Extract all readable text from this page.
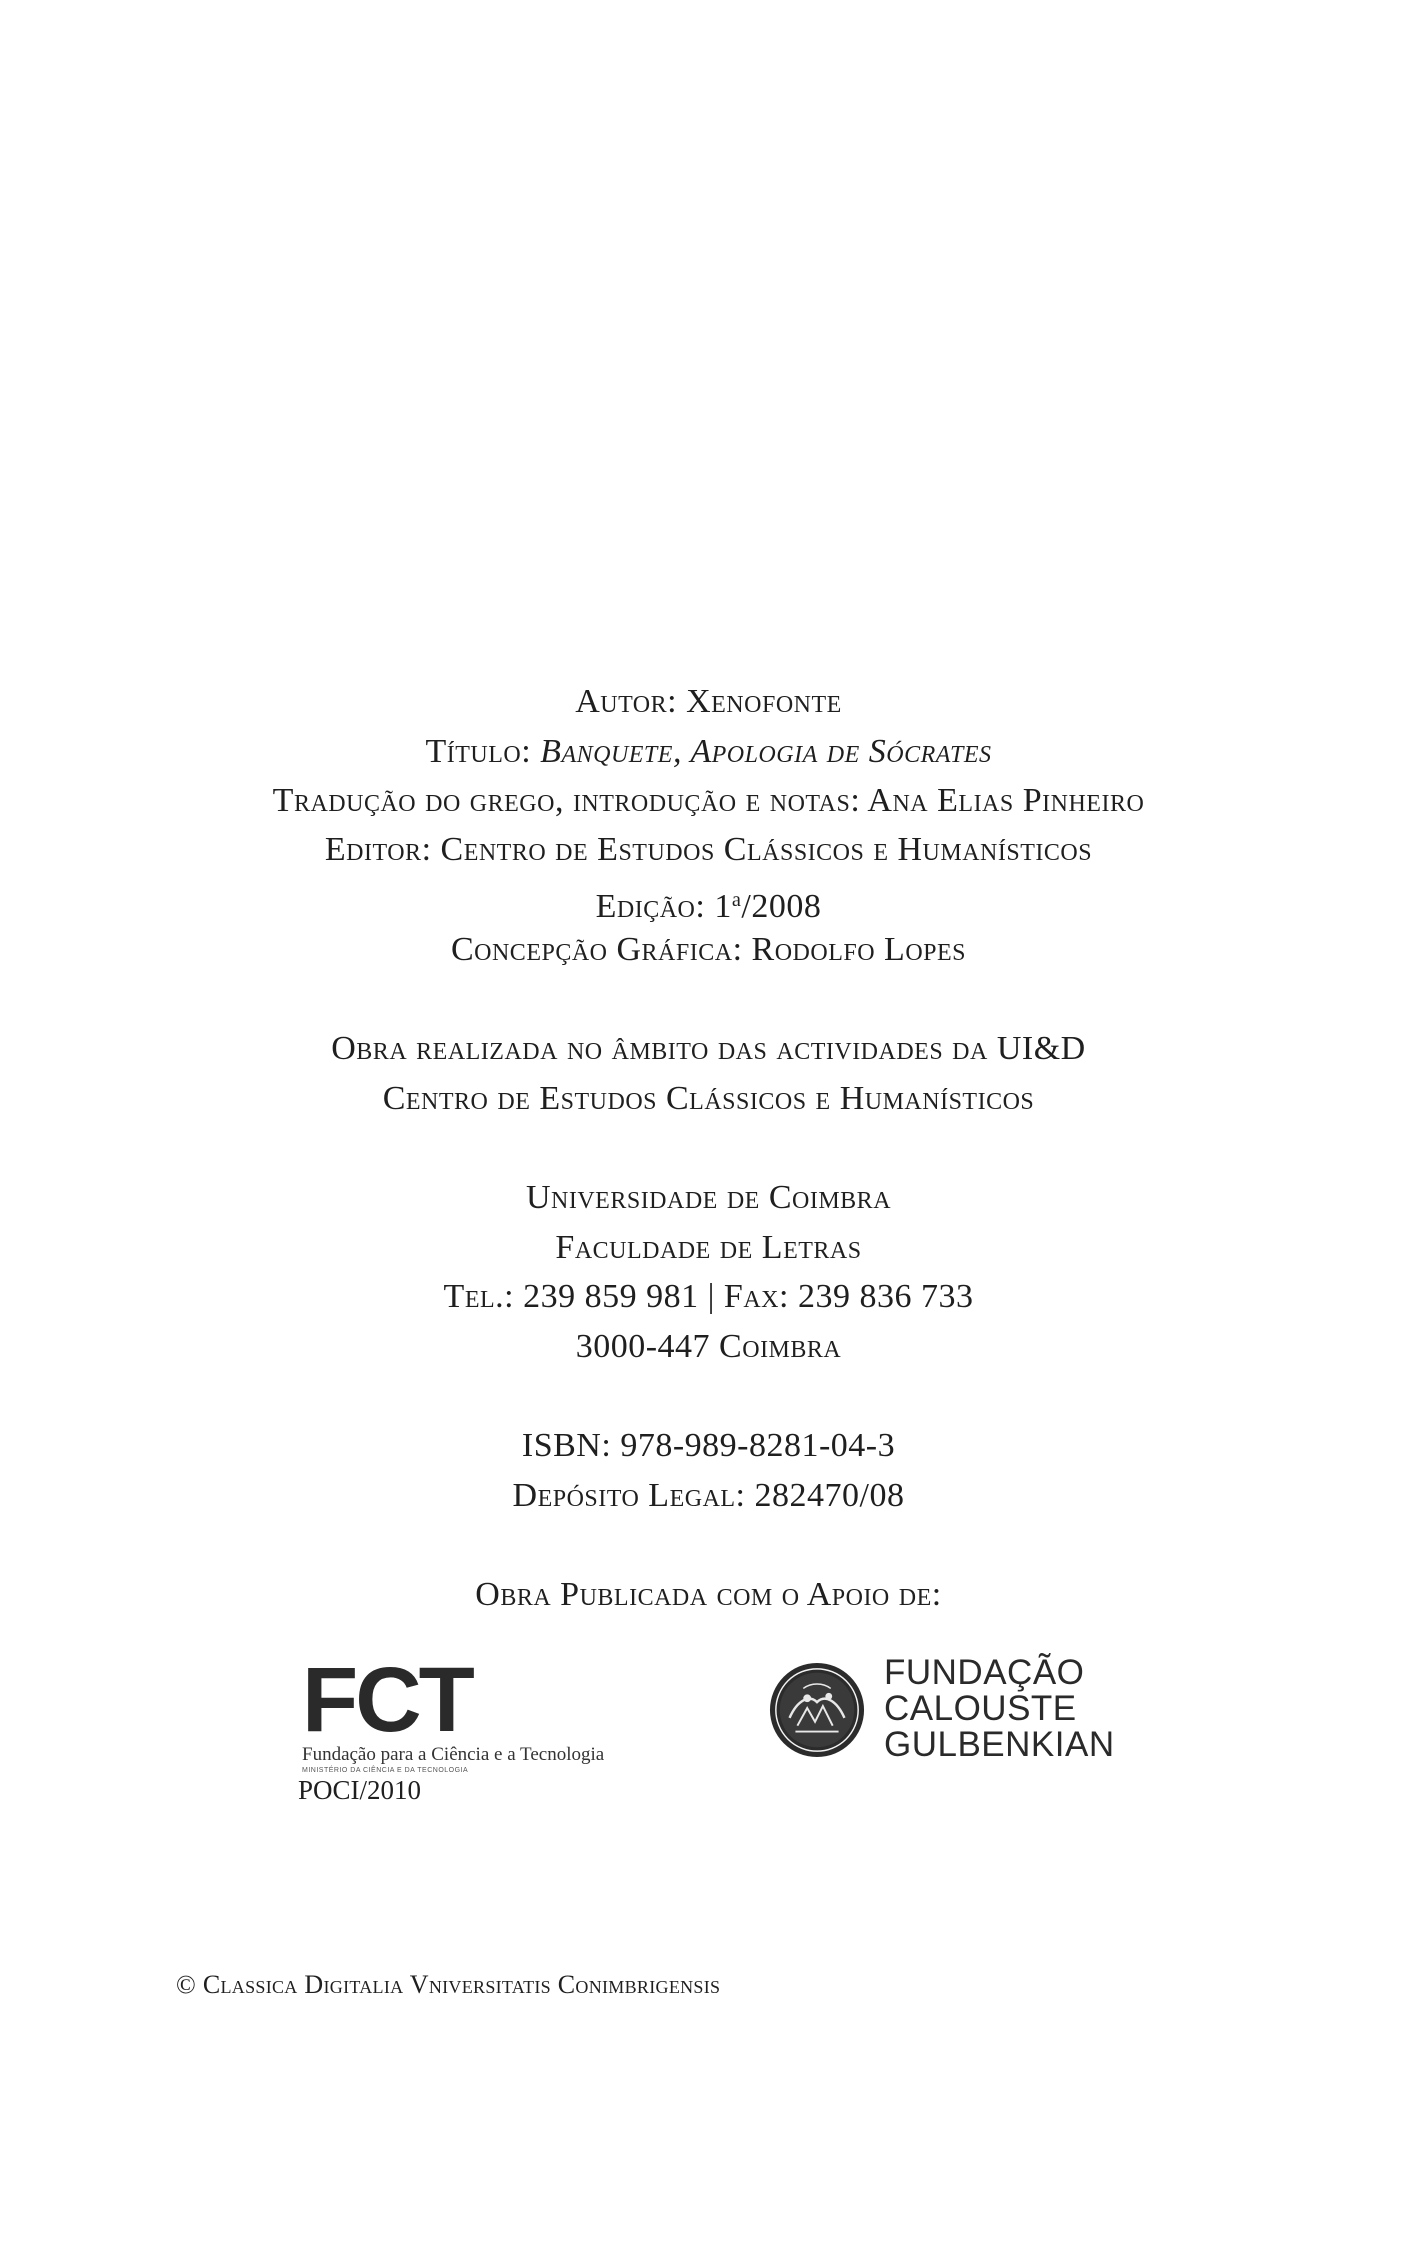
Autor: Xenofonte
Título: Banquete, Apologia de Sócrates
Tradução do grego, introdução e notas: Ana Elias Pinheiro
Editor: Centro de Estudos Clássicos e Humanísticos
Edição: 1$^a$/2008
Concepção Gráfica: Rodolfo Lopes
Obra realizada no âmbito das actividades da UI&D
Centro de Estudos Clássicos e Humanísticos
Universidade de Coimbra
Faculdade de Letras
Tel.: 239 859 981 | Fax: 239 836 733
3000-447 Coimbra
ISBN: 978-989-8281-04-3
Depósito Legal: 282470/08
Obra Publicada com o Apoio de:
FCT
Fundação para a Ciência e a Tecnologia
MINISTÉRIO DA CIÊNCIA E DA TECNOLOGIA
POCI/2010
FUNDAÇÃO
CALOUSTE
GULBENKIAN
© Classica Digitalia Vniversitatis Conimbrigensis
